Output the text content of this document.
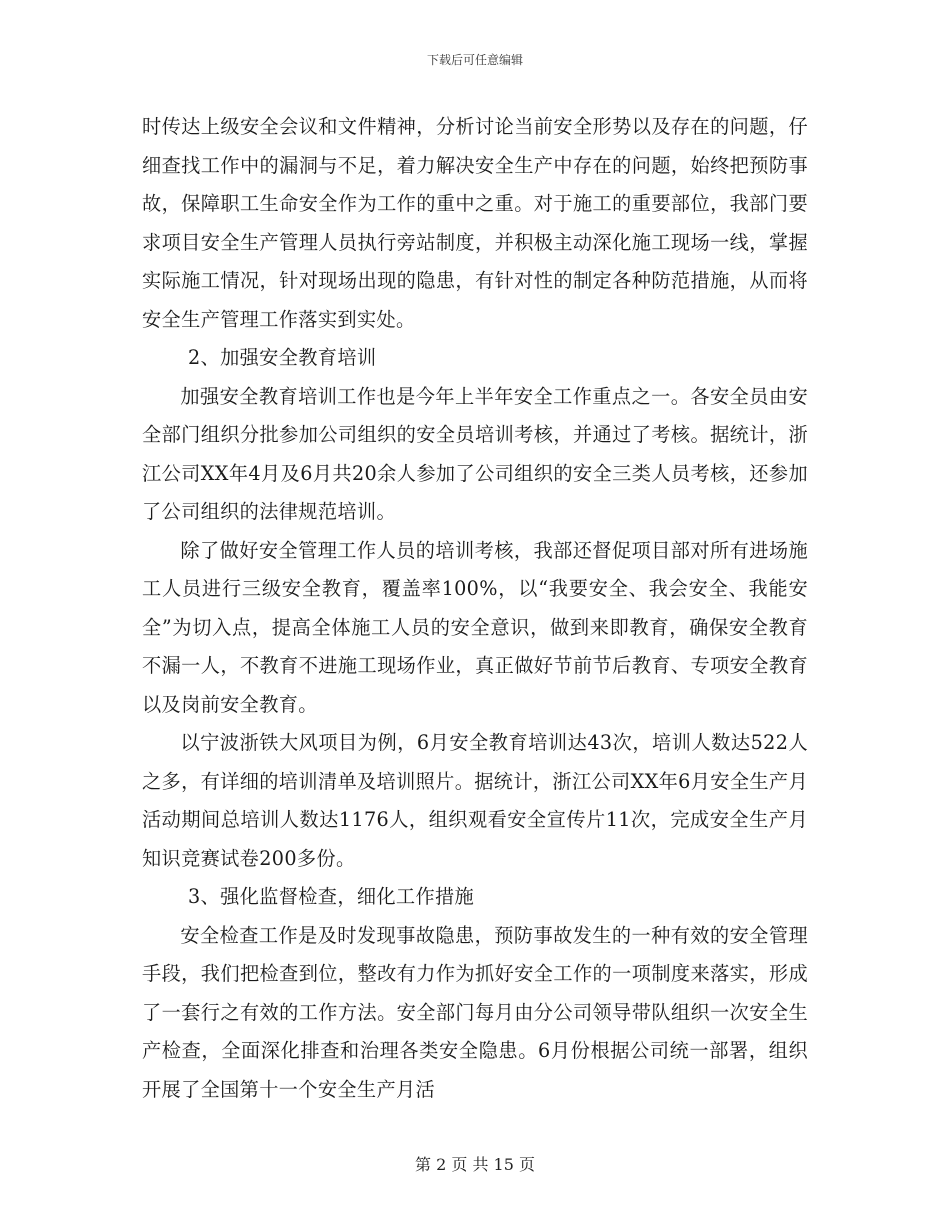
下载后可任意编辑

时传达上级安全会议和文件精神，分析讨论当前安全形势以及存在的问题，仔细查找工作中的漏洞与不足，着力解决安全生产中存在的问题，始终把预防事故，保障职工生命安全作为工作的重中之重。对于施工的重要部位，我部门要求项目安全生产管理人员执行旁站制度，并积极主动深化施工现场一线，掌握实际施工情况，针对现场出现的隐患，有针对性的制定各种防范措施，从而将安全生产管理工作落实到实处。

2、加强安全教育培训

加强安全教育培训工作也是今年上半年安全工作重点之一。各安全员由安全部门组织分批参加公司组织的安全员培训考核，并通过了考核。据统计，浙江公司XX年4月及6月共20余人参加了公司组织的安全三类人员考核，还参加了公司组织的法律规范培训。

除了做好安全管理工作人员的培训考核，我部还督促项目部对所有进场施工人员进行三级安全教育，覆盖率100%，以“我要安全、我会安全、我能安全”为切入点，提高全体施工人员的安全意识，做到来即教育，确保安全教育不漏一人，不教育不进施工现场作业，真正做好节前节后教育、专项安全教育以及岗前安全教育。

以宁波浙铁大风项目为例，6月安全教育培训达43次，培训人数达522人之多，有详细的培训清单及培训照片。据统计，浙江公司XX年6月安全生产月活动期间总培训人数达1176人，组织观看安全宣传片11次，完成安全生产月知识竞赛试卷200多份。

3、强化监督检查，细化工作措施

安全检查工作是及时发现事故隐患，预防事故发生的一种有效的安全管理手段，我们把检查到位，整改有力作为抓好安全工作的一项制度来落实，形成了一套行之有效的工作方法。安全部门每月由分公司领导带队组织一次安全生产检查，全面深化排查和治理各类安全隐患。6月份根据公司统一部署，组织开展了全国第十一个安全生产月活

第 2 页 共 15 页
